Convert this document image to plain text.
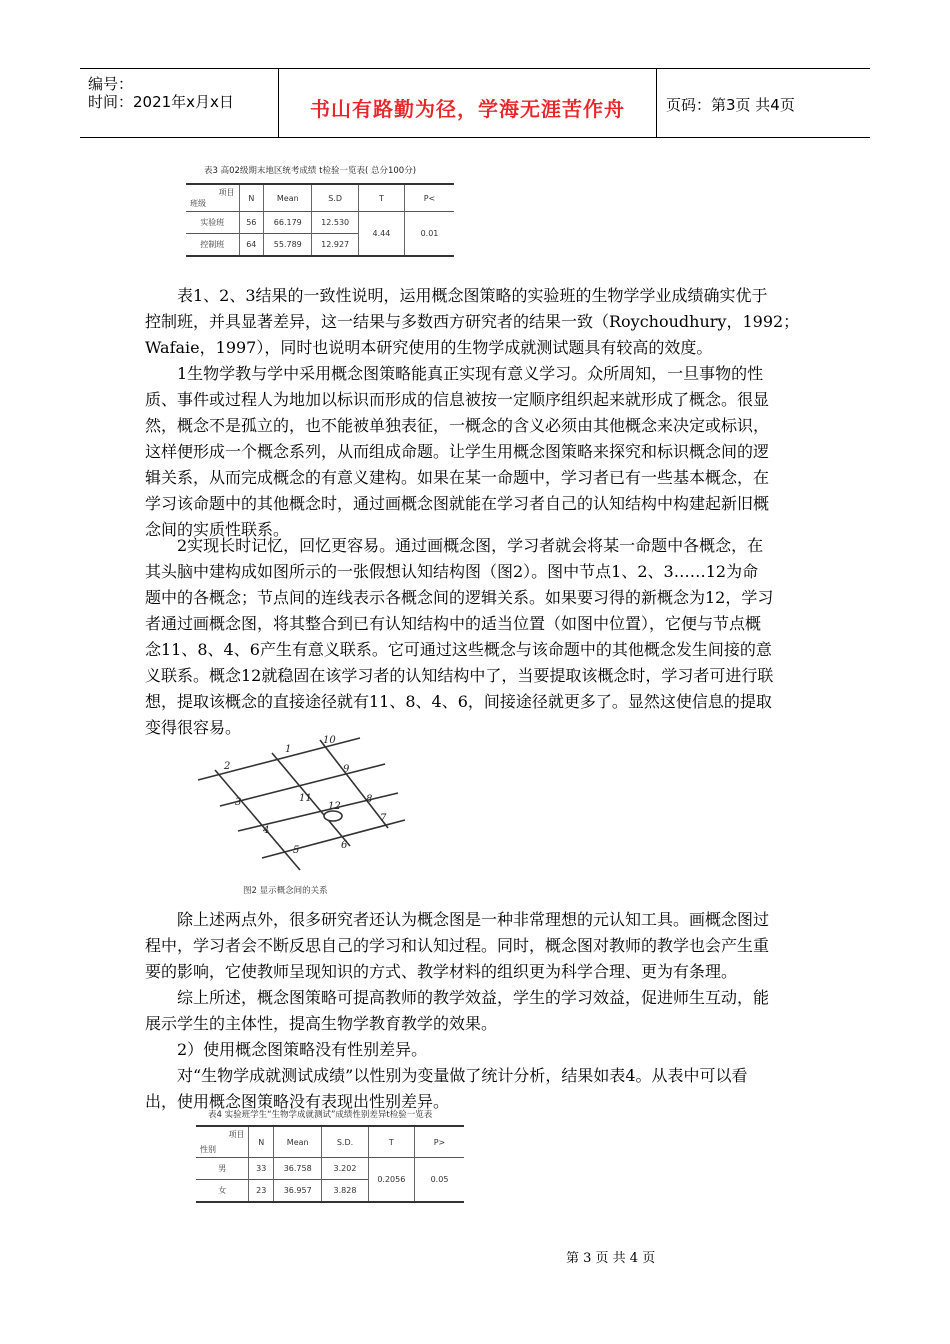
编号：
时间：2021年x月x日	书山有路勤为径，学海无涯苦作舟	页码：第3页 共4页
表3 高02级期末地区统考成绩 t检验一览表( 总分100分)
项目
班级	N	Mean	S.D	T	P<
实验班	56	66.179	12.530	4.44	0.01
控制班	64	55.789	12.927		
表1、2、3结果的一致性说明，运用概念图策略的实验班的生物学学业成绩确实优于
控制班，并具显著差异，这一结果与多数西方研究者的结果一致（Roychoudhury，1992；
Wafaie，1997），同时也说明本研究使用的生物学成就测试题具有较高的效度。
1生物学教与学中采用概念图策略能真正实现有意义学习。众所周知，一旦事物的性
质、事件或过程人为地加以标识而形成的信息被按一定顺序组织起来就形成了概念。很显
然，概念不是孤立的，也不能被单独表征，一概念的含义必须由其他概念来决定或标识，
这样便形成一个概念系列，从而组成命题。让学生用概念图策略来探究和标识概念间的逻
辑关系，从而完成概念的有意义建构。如果在某一命题中，学习者已有一些基本概念，在
学习该命题中的其他概念时，通过画概念图就能在学习者自己的认知结构中构建起新旧概
念间的实质性联系。
2实现长时记忆，回忆更容易。通过画概念图，学习者就会将某一命题中各概念，在
其头脑中建构成如图所示的一张假想认知结构图（图2）。图中节点1、2、3……12为命
题中的各概念；节点间的连线表示各概念间的逻辑关系。如果要习得的新概念为12，学习
者通过画概念图，将其整合到已有认知结构中的适当位置（如图中位置），它便与节点概
念11、8、4、6产生有意义联系。它可通过这些概念与该命题中的其他概念发生间接的意
义联系。概念12就稳固在该学习者的认知结构中了，当要提取该概念时，学习者可进行联
想，提取该概念的直接途径就有11、8、4、6，间接途径就更多了。显然这使信息的提取
变得很容易。
1
2
3
4
5	6
7
8
9
10
11
12
图2 显示概念间的关系
除上述两点外，很多研究者还认为概念图是一种非常理想的元认知工具。画概念图过
程中，学习者会不断反思自己的学习和认知过程。同时，概念图对教师的教学也会产生重
要的影响，它使教师呈现知识的方式、教学材料的组织更为科学合理、更为有条理。
综上所述，概念图策略可提高教师的教学效益，学生的学习效益，促进师生互动，能
展示学生的主体性，提高生物学教育教学的效果。
2）使用概念图策略没有性别差异。
对“生物学成就测试成绩”以性别为变量做了统计分析，结果如表4。从表中可以看
出，使用概念图策略没有表现出性别差异。
表4 实验班学生“生物学成就测试”成绩性别差异t检验一览表
项目
性别	N	Mean	S.D.	T	P>
男	33	36.758	3.202	0.2056	0.05
女	23	36.957	3.828		
第 3 页 共 4 页
